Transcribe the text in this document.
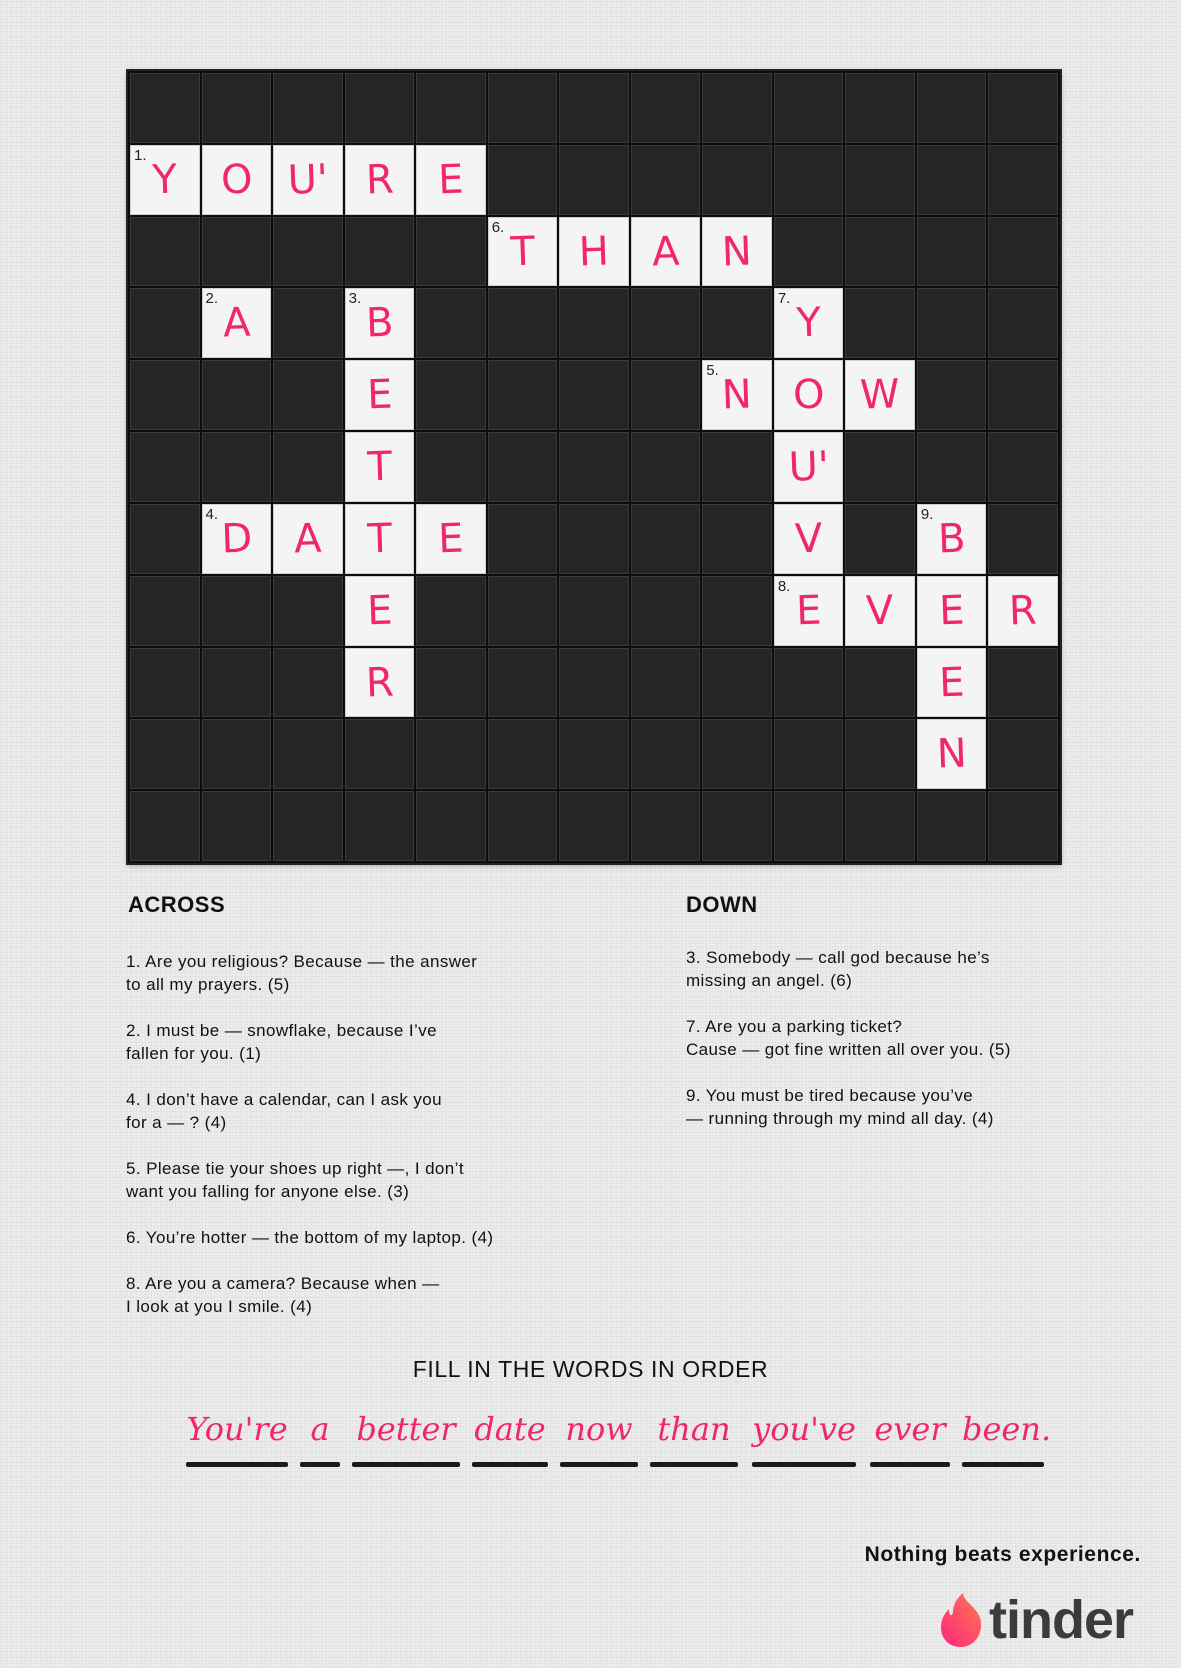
1.
Y	O U' R	E
6.
T	H	A	N
2.
A
3.
B
7.
Y
E
5.
N O W
T	U'
4.
D	A	T	E	V
9.
B
E
8.
E	V	E	R
R	E
N
ACROSS	DOWN
1. Are you religious? Because — the answer
to all my prayers. (5)
2. I must be — snowflake, because I’ve
fallen for you. (1)
4. I don’t have a calendar, can I ask you
for a — ? (4)
5. Please tie your shoes up right —, I don’t
want you falling for anyone else. (3)
6. You’re hotter — the bottom of my laptop. (4)
8. Are you a camera? Because when —
I look at you I smile. (4)
3. Somebody — call god because he’s
missing an angel. (6)
7. Are you a parking ticket?
Cause — got fine written all over you. (5)
9. You must be tired because you’ve
— running through my mind all day. (4)
FILL IN THE WORDS IN ORDER
You're a better date now than you've ever been.
Nothing beats experience.
tinder
